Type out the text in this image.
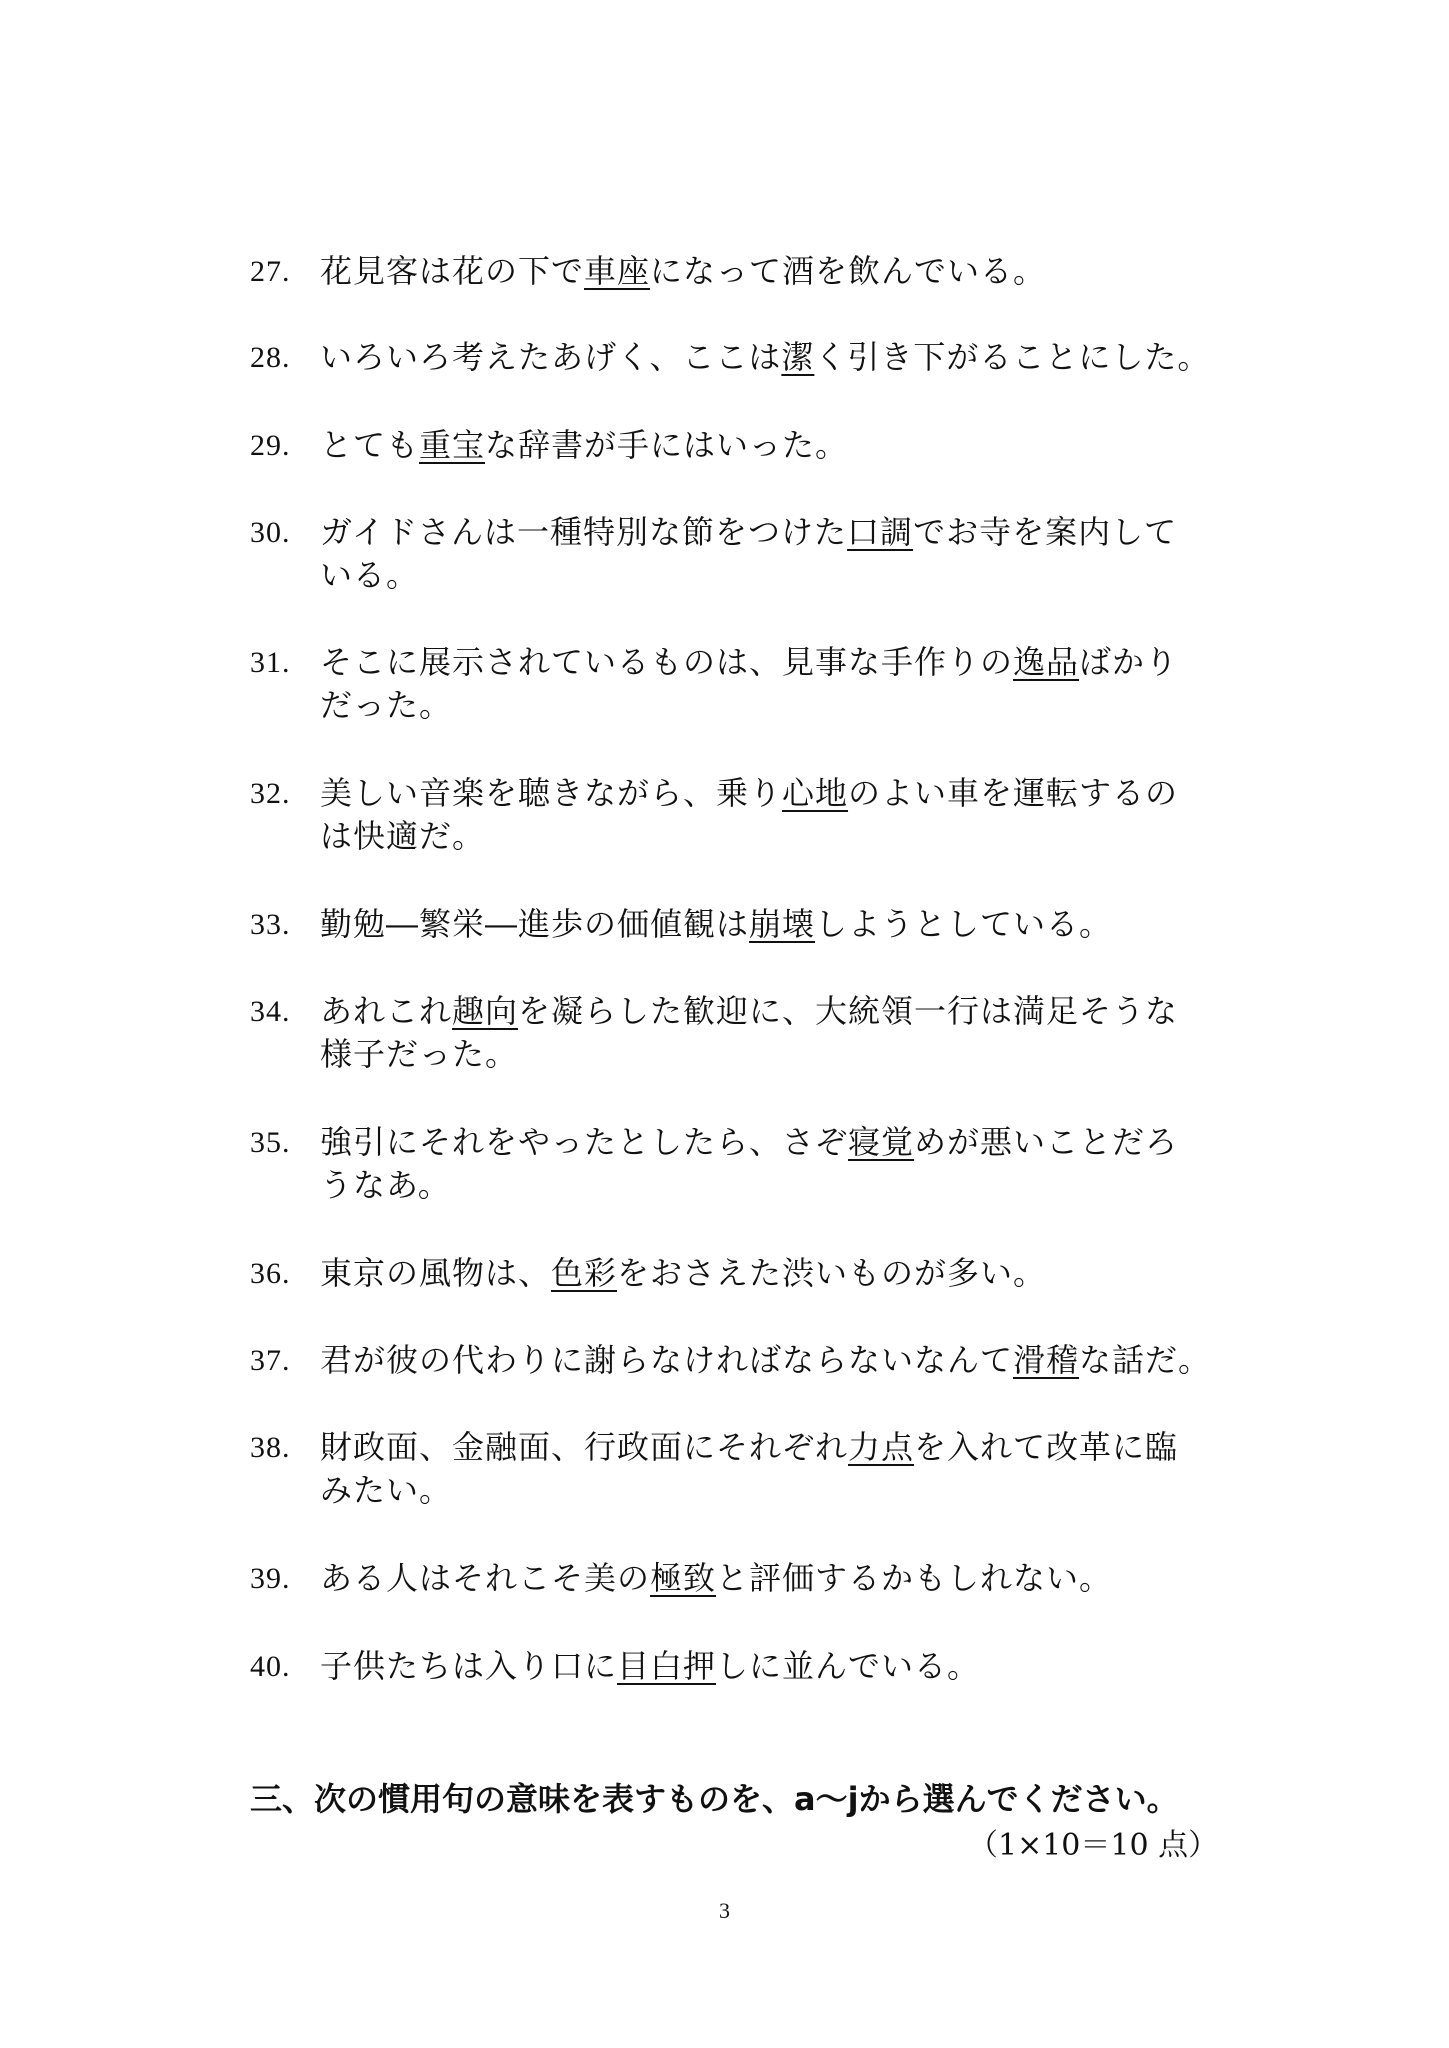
27. 花見客は花の下で車座になって酒を飲んでいる。

28. いろいろ考えたあげく、ここは潔く引き下がることにした。

29. とても重宝な辞書が手にはいった。

30. ガイドさんは一種特別な節をつけた口調でお寺を案内して
いる。
31. そこに展示されているものは、見事な手作りの逸品ばかり
だった。
32. 美しい音楽を聴きながら、乗り心地のよい車を運転するの
は快適だ。
33. 勤勉―繁栄―進歩の価値観は崩壊しようとしている。

34. あれこれ趣向を凝らした歓迎に、大統領一行は満足そうな
様子だった。
35. 強引にそれをやったとしたら、さぞ寝覚めが悪いことだろ
うなあ。
36. 東京の風物は、色彩をおさえた渋いものが多い。

37. 君が彼の代わりに謝らなければならないなんて滑稽な話だ。

38. 財政面、金融面、行政面にそれぞれ力点を入れて改革に臨
みたい。
39. ある人はそれこそ美の極致と評価するかもしれない。

40. 子供たちは入り口に目白押しに並んでいる。

三、次の慣用句の意味を表すものを、a～jから選んでください。
（1×10＝10 点）
3
